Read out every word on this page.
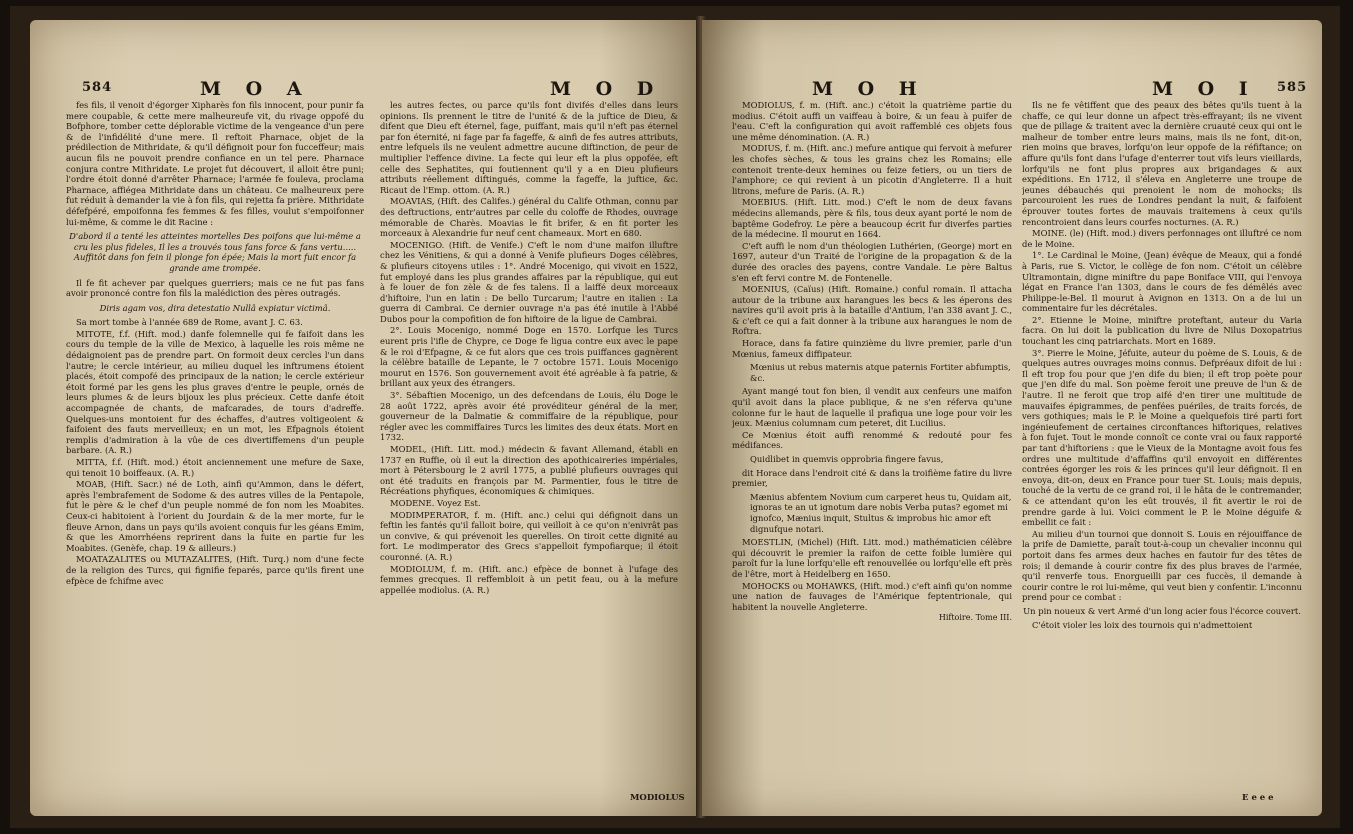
584	M O A	M O D

fes fils, il venoit d'égorger Xipharès fon fils innocent, pour punir fa mere coupable, & cette mere malheureufe vit, du rivage oppofé du Bofphore, tomber cette déplorable victime de la vengeance d'un pere & de l'infidélité d'une mere. Il reftoit Pharnace, objet de la prédilection de Mithridate, & qu'il défignoit pour fon fucceffeur; mais aucun fils ne pouvoit prendre confiance en un tel pere. Pharnace conjura contre Mithridate. Le projet fut découvert, il alloit être puni; l'ordre étoit donné d'arrêter Pharnace; l'armée fe fouleva, proclama Pharnace, affiégea Mithridate dans un château. Ce malheureux pere fut réduit à demander la vie à fon fils, qui rejetta fa prière. Mithridate défefpéré, empoifonna fes femmes & fes filles, voulut s'empoifonner lui-même, & comme le dit Racine :

D'abord il a tenté les atteintes mortelles Des poifons que lui-même a cru les plus fideles, Il les a trouvés tous fans force & fans vertu..... Auffitôt dans fon fein il plonge fon épée; Mais la mort fuit encor fa grande ame trompée.

Il fe fit achever par quelques guerriers; mais ce ne fut pas fans avoir prononcé contre fon fils la malédiction des pères outragés.

Diris agam vos, dira detestatio Nullâ expiatur victimâ.

Sa mort tombe à l'année 689 de Rome, avant J. C. 63.

MITOTE, f.f. (Hift. mod.) danfe folemnelle qui fe faifoit dans les cours du temple de la ville de Mexico, à laquelle les rois même ne dédaignoient pas de prendre part. On formoit deux cercles l'un dans l'autre; le cercle intérieur, au milieu duquel les inftrumens étoient placés, étoit compofé des principaux de la nation; le cercle extérieur étoit formé par les gens les plus graves d'entre le peuple, ornés de leurs plumes & de leurs bijoux les plus précieux. Cette danfe étoit accompagnée de chants, de mafcarades, de tours d'adreffe. Quelques-uns montoient fur des échaffes, d'autres voltigeoient & faifoient des fauts merveilleux; en un mot, les Efpagnols étoient remplis d'admiration à la vûe de ces divertiffemens d'un peuple barbare. (A. R.)

MITTA, f.f. (Hift. mod.) étoit anciennement une mefure de Saxe, qui tenoit 10 boiffeaux. (A. R.)

MOAB, (Hift. Sacr.) né de Loth, ainfi qu'Ammon, dans le défert, après l'embrafement de Sodome & des autres villes de la Pentapole, fut le père & le chef d'un peuple nommé de fon nom les Moabites. Ceux-ci habitoient à l'orient du Jourdain & de la mer morte, fur le fleuve Arnon, dans un pays qu'ils avoient conquis fur les géans Emim, & que les Amorrhéens reprirent dans la fuite en partie fur les Moabites. (Genèfe, chap. 19 & ailleurs.)

MOATAZALITES ou MUTAZALITES, (Hift. Turq.) nom d'une fecte de la religion des Turcs, qui fignifie feparés, parce qu'ils firent une efpèce de fchifme avec

les autres fectes, ou parce qu'ils font divifés d'elles dans leurs opinions. Ils prennent le titre de l'unité & de la juftice de Dieu, & difent que Dieu eft éternel, fage, puiffant, mais qu'il n'eft pas éternel par fon éternité, ni fage par fa fageffe, & ainfi de fes autres attributs, entre lefquels ils ne veulent admettre aucune diftinction, de peur de multiplier l'effence divine. La fecte qui leur eft la plus oppofée, eft celle des Sephatites, qui foutiennent qu'il y a en Dieu plufieurs attributs réellement diftingués, comme la fageffe, la juftice, &c. Ricaut de l'Emp. ottom. (A. R.)

MOAVIAS, (Hift. des Califes.) général du Calife Othman, connu par des deftructions, entr'autres par celle du coloffe de Rhodes, ouvrage mémorable de Charès. Moavias le fit brifer, & en fit porter les morceaux à Alexandrie fur neuf cent chameaux. Mort en 680.

MOCENIGO. (Hift. de Venife.) C'eft le nom d'une maifon illuftre chez les Vénitiens, & qui a donné à Venife plufieurs Doges célèbres, & plufieurs citoyens utiles : 1°. André Mocenigo, qui vivoit en 1522, fut employé dans les plus grandes affaires par la république, qui eut à fe louer de fon zèle & de fes talens. Il a laiffé deux morceaux d'hiftoire, l'un en latin : De bello Turcarum; l'autre en italien : La guerra di Cambrai. Ce dernier ouvrage n'a pas été inutile à l'Abbé Dubos pour la compofition de fon hiftoire de la ligue de Cambrai.

2°. Louis Mocenigo, nommé Doge en 1570. Lorfque les Turcs eurent pris l'ifle de Chypre, ce Doge fe ligua contre eux avec le pape & le roi d'Efpagne, & ce fut alors que ces trois puiffances gagnèrent la célèbre bataille de Lepante, le 7 octobre 1571. Louis Mocenigo mourut en 1576. Son gouvernement avoit été agréable à fa patrie, & brillant aux yeux des étrangers.

3°. Sébaftien Mocenigo, un des defcendans de Louis, élu Doge le 28 août 1722, après avoir été provéditeur général de la mer, gouverneur de la Dalmatie & commiffaire de la république, pour régler avec les commiffaires Turcs les limites des deux états. Mort en 1732.

MODEL, (Hift. Litt. mod.) médecin & favant Allemand, établi en 1737 en Ruffie, où il eut la direction des apothicaireries impériales, mort à Pétersbourg le 2 avril 1775, a publié plufieurs ouvrages qui ont été traduits en françois par M. Parmentier, fous le titre de Récréations phyfiques, économiques & chimiques.

MODENE. Voyez Est.

MODIMPERATOR, f. m. (Hift. anc.) celui qui défignoit dans un feftin les fantés qu'il falloit boire, qui veilloit à ce qu'on n'enivrât pas un convive, & qui prévenoit les querelles. On tiroit cette dignité au fort. Le modimperator des Grecs s'appelloit fympofiarque; il étoit couronné. (A. R.)

MODIOLUM, f. m. (Hift. anc.) efpèce de bonnet à l'ufage des femmes grecques. Il reffembloit à un petit feau, ou à la mefure appellée modiolus. (A. R.)

MODIOLUS
M O H	M O I 585

MODIOLUS, f. m. (Hift. anc.) c'étoit la quatrième partie du modius. C'étoit auffi un vaiffeau à boire, & un feau à puifer de l'eau. C'eft la configuration qui avoit raffemblé ces objets fous une même dénomination. (A. R.)

MODIUS, f. m. (Hift. anc.) mefure antique qui fervoit à mefurer les chofes sèches, & tous les grains chez les Romains; elle contenoit trente-deux hemines ou feize fetiers, ou un tiers de l'amphore; ce qui revient à un picotin d'Angleterre. Il a huit litrons, mefure de Paris. (A. R.)

MOEBIUS. (Hift. Litt. mod.) C'eft le nom de deux favans médecins allemands, père & fils, tous deux ayant porté le nom de baptême Godefroy. Le père a beaucoup écrit fur diverfes parties de la médecine. Il mourut en 1664.

C'eft auffi le nom d'un théologien Luthérien, (George) mort en 1697, auteur d'un Traité de l'origine de la propagation & de la durée des oracles des payens, contre Vandale. Le père Baltus s'en eft fervi contre M. de Fontenelle.

MOENIUS, (Caïus) (Hift. Romaine.) conful romain. Il attacha autour de la tribune aux harangues les becs & les éperons des navires qu'il avoit pris à la bataille d'Antium, l'an 338 avant J. C., & c'eft ce qui a fait donner à la tribune aux harangues le nom de Roftra.

Horace, dans fa fatire quinzième du livre premier, parle d'un Mœnius, fameux diffipateur.

Mœnius ut rebus maternis atque paternis Fortiter abfumptis, &c.

Ayant mangé tout fon bien, il vendit aux cenfeurs une maifon qu'il avoit dans la place publique, & ne s'en réferva qu'une colonne fur le haut de laquelle il prafiqua une loge pour voir les jeux. Mænius columnam cum peteret, dit Lucilius.

Ce Mœnius étoit auffi renommé & redouté pour fes médifances.

Quidlibet in quemvis opprobria fingere favus,

dit Horace dans l'endroit cité & dans la troifième fatire du livre premier,

Mænius abfentem Novium cum carperet heus tu, Quidam ait, ignoras te an ut ignotum dare nobis Verba putas? egomet mi ignofco, Mænius inquit, Stultus & improbus hic amor eft dignufque notari.

MOESTLIN, (Michel) (Hift. Litt. mod.) mathématicien célèbre qui découvrit le premier la raifon de cette foible lumière qui paroît fur la lune lorfqu'elle eft renouvellée ou lorfqu'elle eft près de l'être, mort à Heidelberg en 1650.

MOHOCKS ou MOHAWKS, (Hift. mod.) c'eft ainfi qu'on nomme une nation de fauvages de l'Amérique feptentrionale, qui habitent la nouvelle Angleterre.

Hiftoire. Tome III.

Ils ne fe vêtiffent que des peaux des bêtes qu'ils tuent à la chaffe, ce qui leur donne un afpect très-effrayant; ils ne vivent que de pillage & traitent avec la dernière cruauté ceux qui ont le malheur de tomber entre leurs mains, mais ils ne font, dit-on, rien moins que braves, lorfqu'on leur oppofe de la réfiftance; on affure qu'ils font dans l'ufage d'enterrer tout vifs leurs vieillards, lorfqu'ils ne font plus propres aux brigandages & aux expéditions. En 1712, il s'éleva en Angleterre une troupe de jeunes débauchés qui prenoient le nom de mohocks; ils parcouroient les rues de Londres pendant la nuit, & faifoient éprouver toutes fortes de mauvais traitemens à ceux qu'ils rencontroient dans leurs courfes nocturnes. (A. R.)

MOINE. (le) (Hift. mod.) divers perfonnages ont illuftré ce nom de le Moine.

1°. Le Cardinal le Moine, (Jean) évêque de Meaux, qui a fondé à Paris, rue S. Victor, le collège de fon nom. C'étoit un célèbre Ultramontain, digne miniftre du pape Boniface VIII, qui l'envoya légat en France l'an 1303, dans le cours de fes démêlés avec Philippe-le-Bel. Il mourut à Avignon en 1313. On a de lui un commentaire fur les décrétales.

2°. Etienne le Moine, miniftre proteftant, auteur du Varia facra. On lui doit la publication du livre de Nilus Doxopatrius touchant les cinq patriarchats. Mort en 1689.

3°. Pierre le Moine, Jéfuite, auteur du poème de S. Louis, & de quelques autres ouvrages moins connus. Defpréaux difoit de lui : Il eft trop fou pour que j'en dife du bien; il eft trop poète pour que j'en dife du mal. Son poème feroit une preuve de l'un & de l'autre. Il ne feroit que trop aifé d'en tirer une multitude de mauvaifes épigrammes, de penfées puériles, de traits forcés, de vers gothiques; mais le P. le Moine a quelquefois tiré parti fort ingénieufement de certaines circonftances hiftoriques, relatives à fon fujet. Tout le monde connoît ce conte vrai ou faux rapporté par tant d'hiftoriens : que le Vieux de la Montagne avoit fous fes ordres une multitude d'affaffins qu'il envoyoit en différentes contrées égorger les rois & les princes qu'il leur défignoit. Il en envoya, dit-on, deux en France pour tuer St. Louis; mais depuis, touché de la vertu de ce grand roi, il le hâta de le contremander, & ce attendant qu'on les eût trouvés, il fit avertir le roi de prendre garde à lui. Voici comment le P. le Moine déguife & embellit ce fait :

Au milieu d'un tournoi que donnoit S. Louis en réjouiffance de la prife de Damiette, paraît tout-à-coup un chevalier inconnu qui portoit dans fes armes deux haches en fautoir fur des têtes de rois; il demande à courir contre fix des plus braves de l'armée, qu'il renverfe tous. Enorgueilli par ces fuccès, il demande à courir contre le roi lui-même, qui veut bien y confentir. L'inconnu prend pour ce combat :

Un pin noueux & vert Armé d'un long acier fous l'écorce couvert.

C'étoit violer les loix des tournois qui n'admettoient

E e e e
